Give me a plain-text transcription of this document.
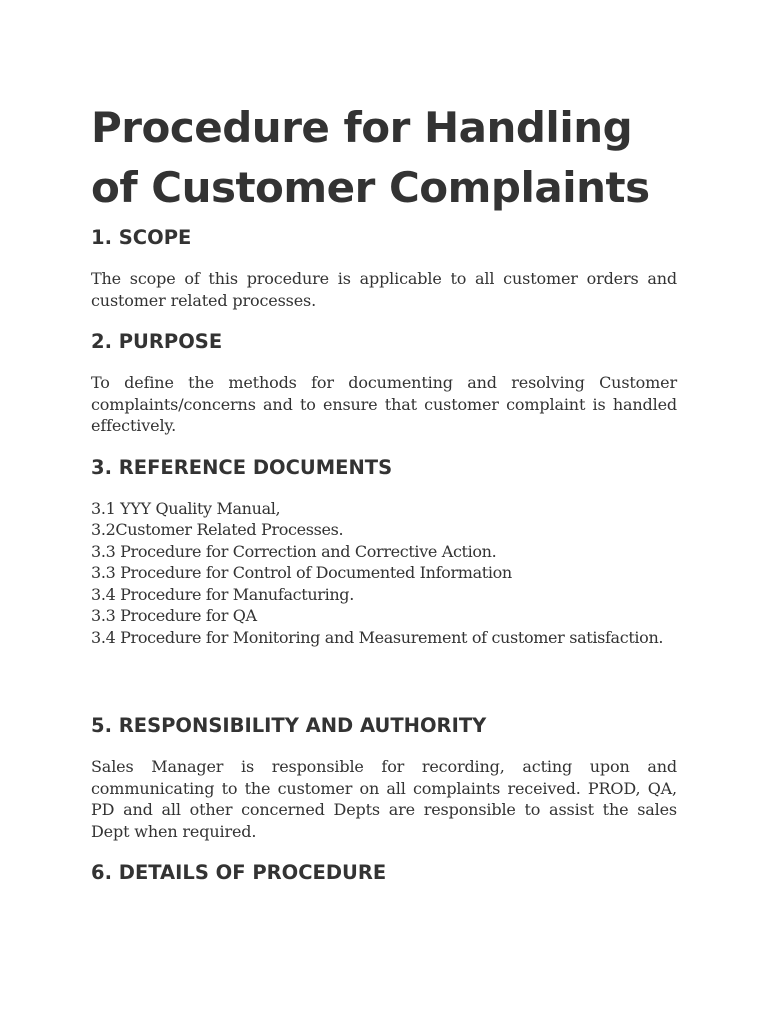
Procedure for Handling of Customer Complaints
1. SCOPE

The scope of this procedure is applicable to all customer orders and customer related processes.

2. PURPOSE

To define the methods for documenting and resolving Customer complaints/concerns and to ensure that customer complaint is handled effectively.

3. REFERENCE DOCUMENTS
3.1 YYY Quality Manual,
3.2Customer Related Processes.
3.3 Procedure for Correction and Corrective Action.
3.3 Procedure for Control of Documented Information
3.4 Procedure for Manufacturing.
3.3 Procedure for QA
3.4 Procedure for Monitoring and Measurement of customer satisfaction.
5. RESPONSIBILITY AND AUTHORITY

Sales Manager is responsible for recording, acting upon and communicating to the customer on all complaints received. PROD, QA, PD and all other concerned Depts are responsible to assist the sales Dept when required.

6. DETAILS OF PROCEDURE
